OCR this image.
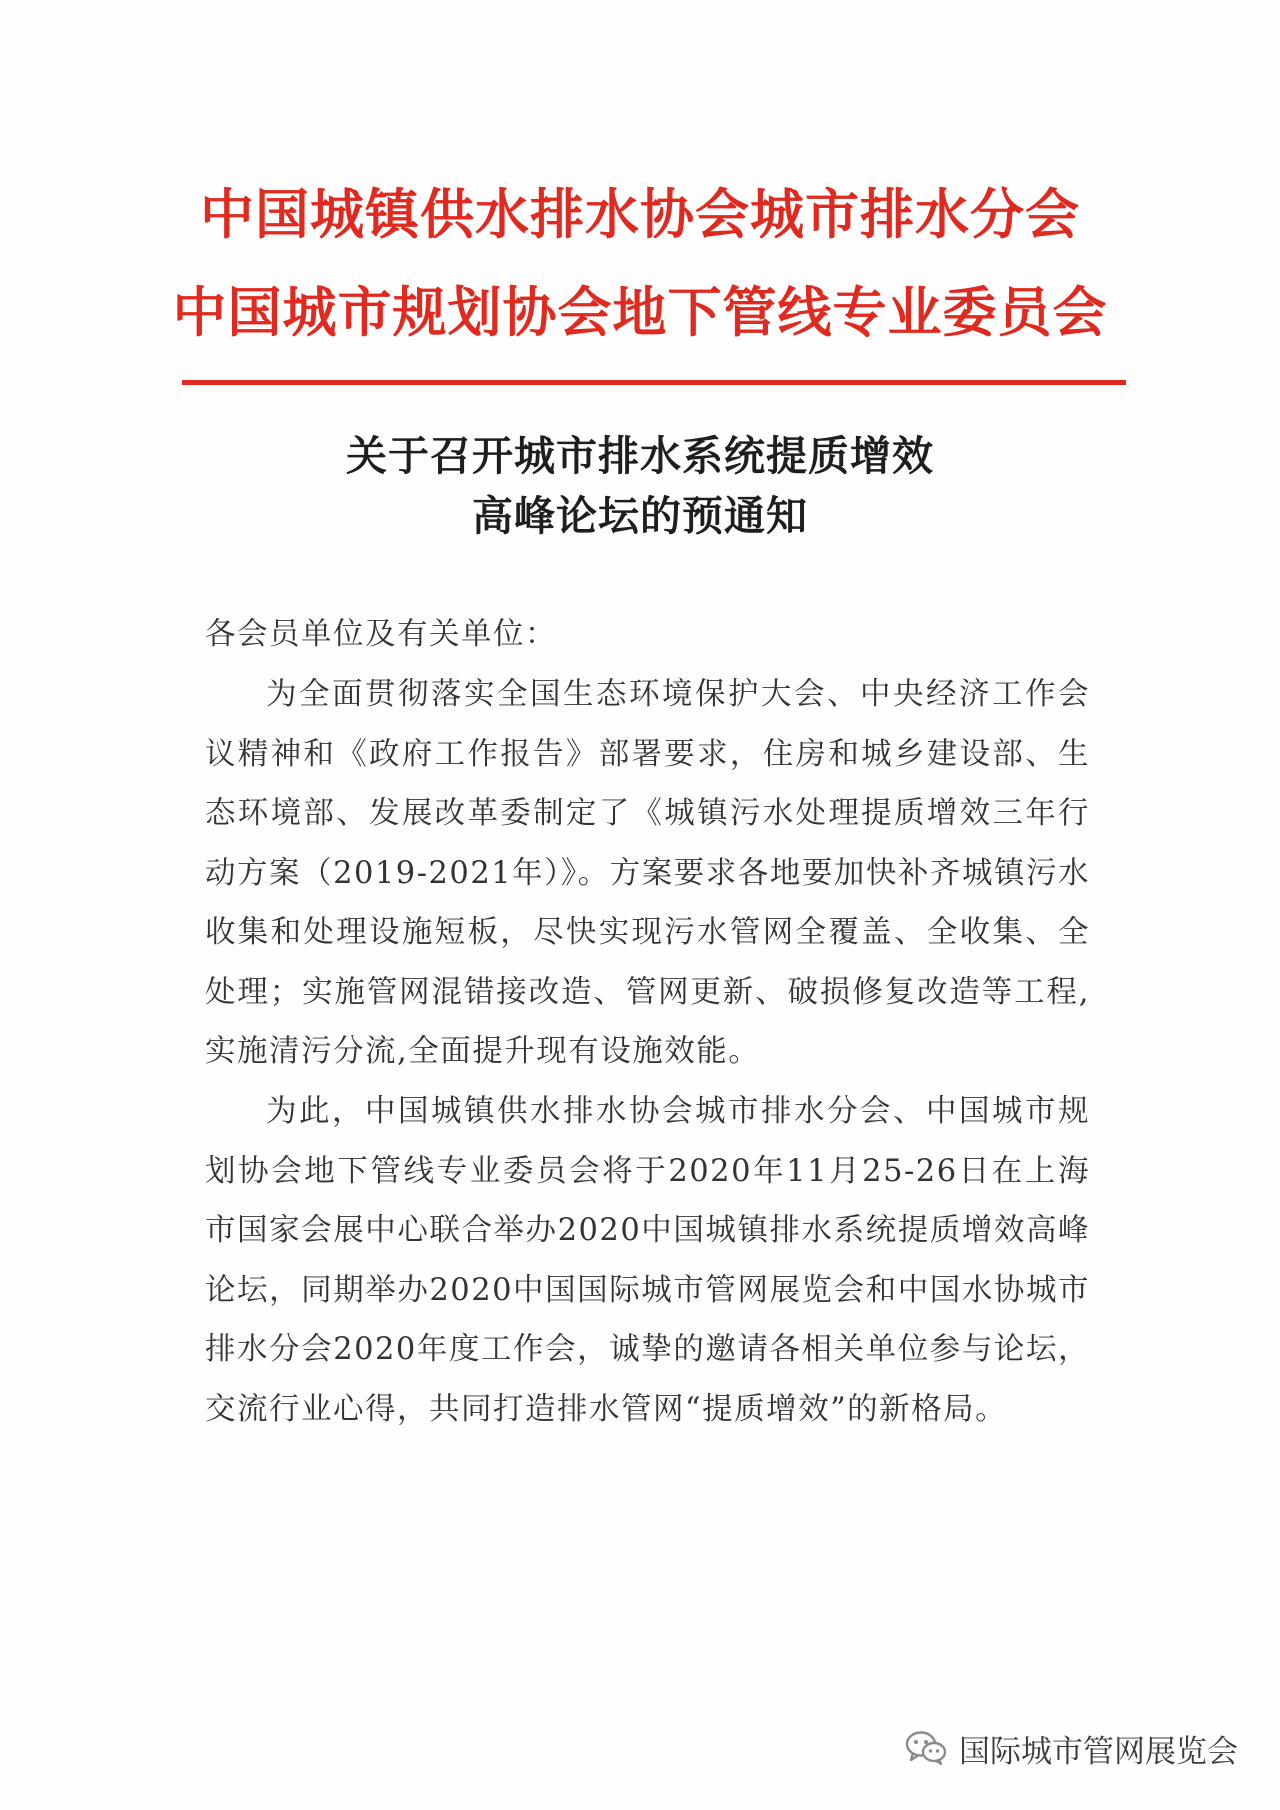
中国城镇供水排水协会城市排水分会
中国城市规划协会地下管线专业委员会
关于召开城市排水系统提质增效
高峰论坛的预通知
各会员单位及有关单位：
为全面贯彻落实全国生态环境保护大会、中央经济工作会议精神和《政府工作报告》部署要求，住房和城乡建设部、生态环境部、发展改革委制定了《城镇污水处理提质增效三年行动方案（2019-2021年）》。方案要求各地要加快补齐城镇污水收集和处理设施短板，尽快实现污水管网全覆盖、全收集、全处理；实施管网混错接改造、管网更新、破损修复改造等工程,实施清污分流,全面提升现有设施效能。
为此，中国城镇供水排水协会城市排水分会、中国城市规划协会地下管线专业委员会将于2020年11月25-26日在上海市国家会展中心联合举办2020中国城镇排水系统提质增效高峰论坛，同期举办2020中国国际城市管网展览会和中国水协城市排水分会2020年度工作会，诚挚的邀请各相关单位参与论坛，交流行业心得，共同打造排水管网“提质增效”的新格局。
国际城市管网展览会
